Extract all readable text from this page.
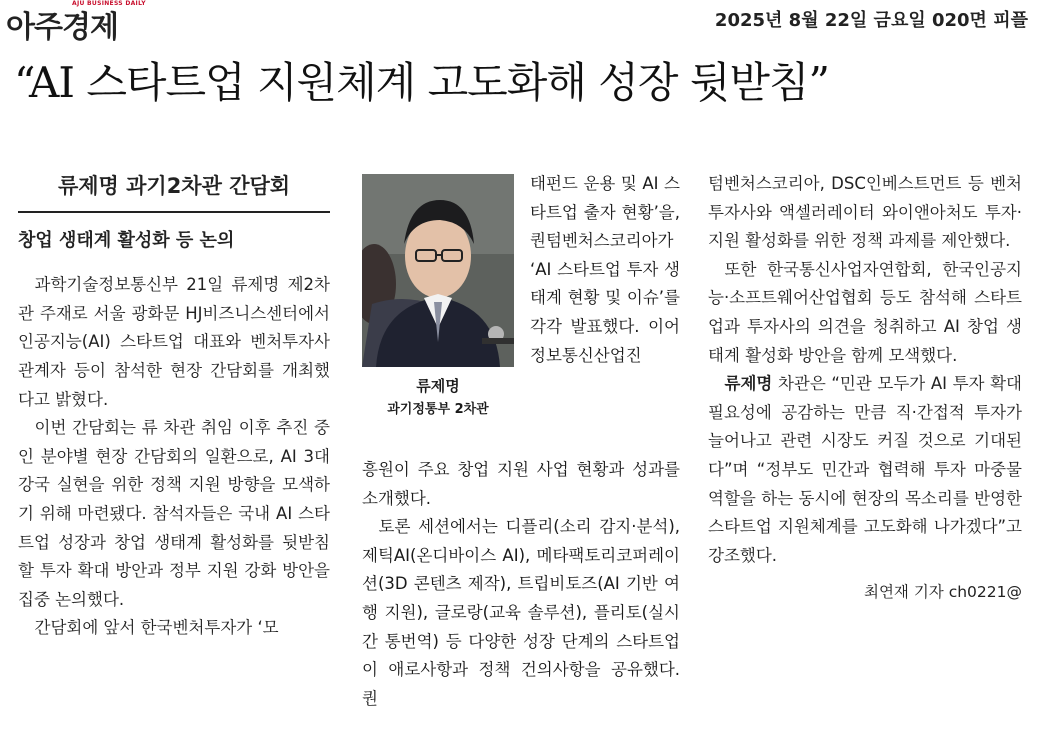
AJU BUSINESS DAILY
아주경제	2025년 8월 22일 금요일 020면 피플
“AI 스타트업 지원체계 고도화해 성장 뒷받침”
류제명 과기2차관 간담회
창업 생태계 활성화 등 논의

과학기술정보통신부 21일 류제명 제2차관 주재로 서울 광화문 HJ비즈니스센터에서 인공지능(AI) 스타트업 대표와 벤처투자사 관계자 등이 참석한 현장 간담회를 개최했다고 밝혔다.

이번 간담회는 류 차관 취임 이후 추진 중인 분야별 현장 간담회의 일환으로, AI 3대 강국 실현을 위한 정책 지원 방향을 모색하기 위해 마련됐다. 참석자들은 국내 AI 스타트업 성장과 창업 생태계 활성화를 뒷받침할 투자 확대 방안과 정부 지원 강화 방안을 집중 논의했다.

간담회에 앞서 한국벤처투자가 ‘모

류제명
과기정통부 2차관

태펀드 운용 및 AI 스타트업 출자 현황’을, 퀀텀벤처스코리아가 ‘AI 스타트업 투자 생태계 현황 및 이슈’를 각각 발표했다. 이어 정보통신산업진

흥원이 주요 창업 지원 사업 현황과 성과를 소개했다.

토론 세션에서는 디플리(소리 감지·분석), 제틱AI(온디바이스 AI), 메타팩토리코퍼레이션(3D 콘텐츠 제작), 트립비토즈(AI 기반 여행 지원), 글로랑(교육 솔루션), 플리토(실시간 통번역) 등 다양한 성장 단계의 스타트업이 애로사항과 정책 건의사항을 공유했다. 퀀

텀벤처스코리아, DSC인베스트먼트 등 벤처투자사와 액셀러레이터 와이앤아처도 투자·지원 활성화를 위한 정책 과제를 제안했다.

또한 한국통신사업자연합회, 한국인공지능·소프트웨어산업협회 등도 참석해 스타트업과 투자사의 의견을 청취하고 AI 창업 생태계 활성화 방안을 함께 모색했다.

류제명 차관은 “민관 모두가 AI 투자 확대 필요성에 공감하는 만큼 직·간접적 투자가 늘어나고 관련 시장도 커질 것으로 기대된다”며 “정부도 민간과 협력해 투자 마중물 역할을 하는 동시에 현장의 목소리를 반영한 스타트업 지원체계를 고도화해 나가겠다”고 강조했다.

최연재 기자 ch0221@
